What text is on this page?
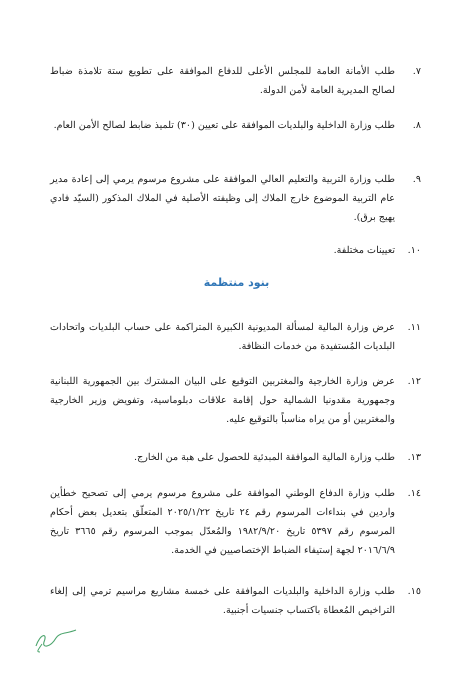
٧.
طلب الأمانة العامة للمجلس الأعلى للدفاع الموافقة على تطويع ستة تلامذة ضباط لصالح المديرية العامة لأمن الدولة.
٨.
طلب وزارة الداخلية والبلديات الموافقة على تعيين (٣٠) تلميذ ضابط لصالح الأمن العام.
٩.
طلب وزارة التربية والتعليم العالي الموافقة على مشروع مرسوم يرمي إلى إعادة مدير عام التربية الموضوع خارج الملاك إلى وظيفته الأصلية في الملاك المذكور (السيّد فادي يهيج برق).
١٠.
تعيينات مختلفة.
بنود منتظمة
١١.
عرض وزارة المالية لمسألة المديونية الكبيرة المتراكمة على حساب البلديات واتحادات البلديات المُستفيدة من خدمات النظافة.
١٢.
عرض وزارة الخارجية والمغتربين التوقيع على البيان المشترك بين الجمهورية اللبنانية وجمهورية مقدونيا الشمالية حول إقامة علاقات دبلوماسية، وتفويض وزير الخارجية والمغتربين أو من يراه مناسباً بالتوقيع عليه.
١٣.
طلب وزارة المالية الموافقة المبدئية للحصول على هبة من الخارج.
١٤.
طلب وزارة الدفاع الوطني الموافقة على مشروع مرسوم يرمي إلى تصحيح خطأين واردين في بنداءات المرسوم رقم ٢٤ تاريخ ٢٠٢٥/١/٢٢ المتعلّق بتعديل بعض أحكام المرسوم رقم ٥٣٩٧ تاريخ ١٩٨٢/٩/٢٠ والمُعدّل بموجب المرسوم رقم ٣٦٦٥ تاريخ ٢٠١٦/٦/٩ لجهة إستيفاء الضباط الإختصاصيين في الخدمة.
١٥.
طلب وزارة الداخلية والبلديات الموافقة على خمسة مشاريع مراسيم ترمي إلى إلغاء التراخيص المُعطاة باكتساب جنسيات أجنبية.
